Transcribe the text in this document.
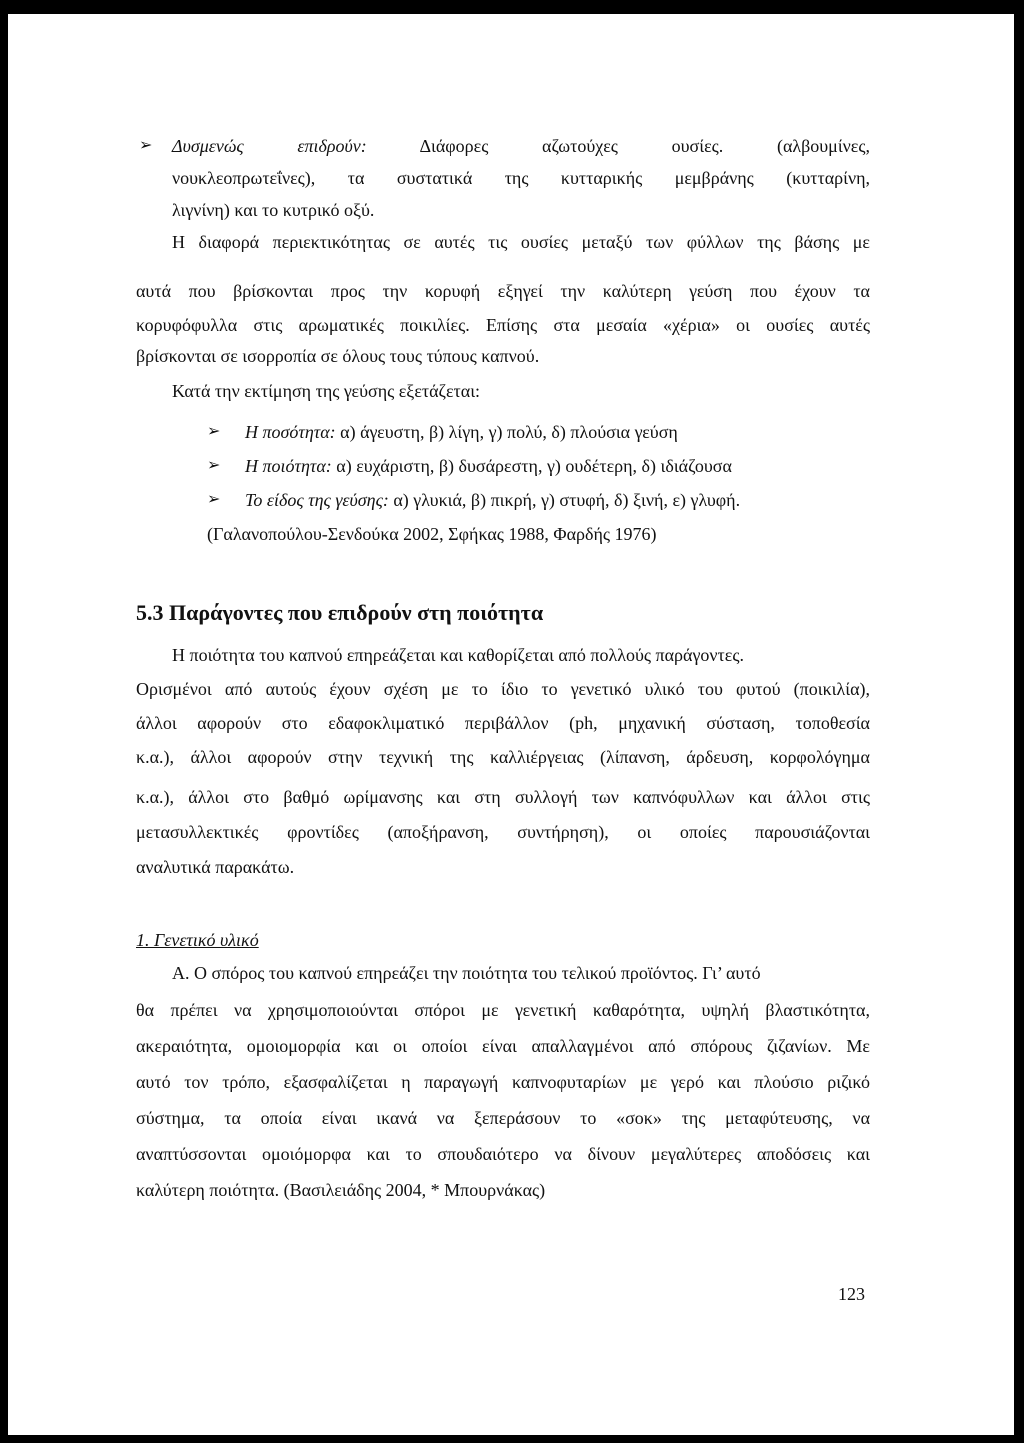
➢ Δυσμενώς επιδρούν:	Διάφορες αζωτούχες ουσίες. (αλβουμίνες,
νουκλεοπρωτεΐνες), τα συστατικά της κυτταρικής μεμβράνης (κυτταρίνη,
λιγνίνη) και το κυτρικό οξύ.
Η διαφορά περιεκτικότητας σε αυτές τις ουσίες μεταξύ των φύλλων της βάσης με
αυτά που βρίσκονται προς την κορυφή εξηγεί την καλύτερη γεύση που έχουν τα
κορυφόφυλλα στις αρωματικές ποικιλίες. Επίσης στα μεσαία «χέρια» οι ουσίες αυτές
βρίσκονται σε ισορροπία σε όλους τους τύπους καπνού.
Κατά την εκτίμηση της γεύσης εξετάζεται:
➢ Η ποσότητα: α) άγευστη, β) λίγη, γ) πολύ, δ) πλούσια γεύση
➢ Η ποιότητα: α) ευχάριστη, β) δυσάρεστη, γ) ουδέτερη, δ) ιδιάζουσα
➢ Το είδος της γεύσης: α) γλυκιά, β) πικρή, γ) στυφή, δ) ξινή, ε) γλυφή.
(Γαλανοπούλου-Σενδούκα 2002, Σφήκας 1988, Φαρδής 1976)
5.3 Παράγοντες που επιδρούν στη ποιότητα
Η ποιότητα του καπνού επηρεάζεται και καθορίζεται από πολλούς παράγοντες.
Ορισμένοι από αυτούς έχουν σχέση με το ίδιο το γενετικό υλικό του φυτού (ποικιλία),
άλλοι αφορούν στο εδαφοκλιματικό περιβάλλον (ph, μηχανική σύσταση, τοποθεσία
κ.α.), άλλοι αφορούν στην τεχνική της καλλιέργειας (λίπανση, άρδευση, κορφολόγημα
κ.α.), άλλοι στο βαθμό ωρίμανσης και στη συλλογή των καπνόφυλλων και άλλοι στις
μετασυλλεκτικές φροντίδες (αποξήρανση, συντήρηση), οι οποίες παρουσιάζονται
αναλυτικά παρακάτω.
1. Γενετικό υλικό
Α. Ο σπόρος του καπνού επηρεάζει την ποιότητα του τελικού προϊόντος. Γι’ αυτό
θα πρέπει να χρησιμοποιούνται σπόροι με γενετική καθαρότητα, υψηλή βλαστικότητα,
ακεραιότητα, ομοιομορφία και οι οποίοι είναι απαλλαγμένοι από σπόρους ζιζανίων. Με
αυτό τον τρόπο, εξασφαλίζεται η παραγωγή καπνοφυταρίων με γερό και πλούσιο ριζικό
σύστημα, τα οποία είναι ικανά να ξεπεράσουν το «σοκ» της μεταφύτευσης, να
αναπτύσσονται ομοιόμορφα και το σπουδαιότερο να δίνουν μεγαλύτερες αποδόσεις και
καλύτερη ποιότητα. (Βασιλειάδης 2004, * Μπουρνάκας)
123
